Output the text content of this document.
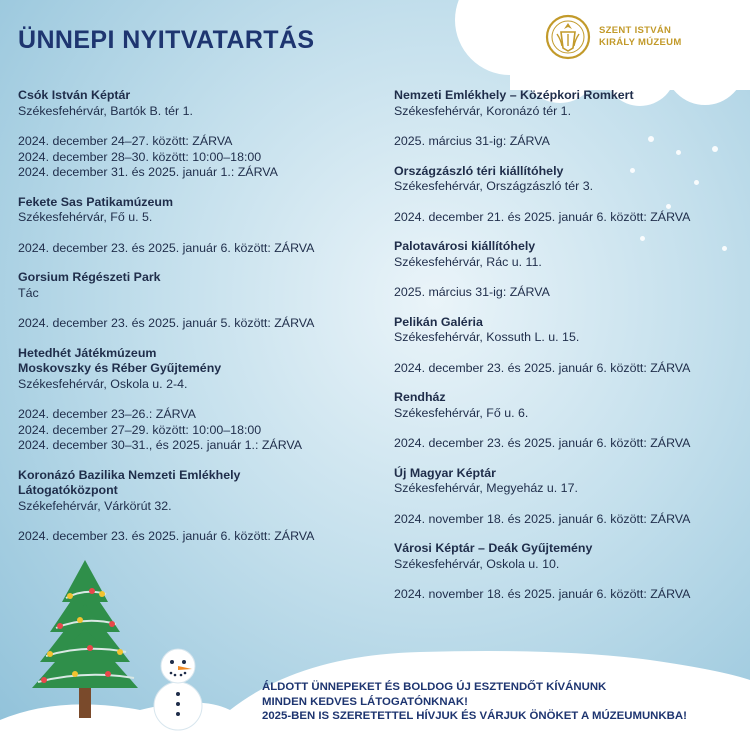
SZENT ISTVÁN
KIRÁLY MÚZEUM
ÜNNEPI NYITVATARTÁS
Csók István Képtár
Székesfehérvár, Bartók B. tér 1.
2024. december 24–27. között: ZÁRVA
2024. december 28–30. között: 10:00–18:00
2024. december 31. és 2025. január 1.: ZÁRVA
Fekete Sas Patikamúzeum
Székesfehérvár, Fő u. 5.
2024. december 23. és 2025. január 6. között: ZÁRVA
Gorsium Régészeti Park
Tác
2024. december 23. és 2025. január 5. között: ZÁRVA
Hetedhét Játékmúzeum
Moskovszky és Réber Gyűjtemény
Székesfehérvár, Oskola u. 2-4.
2024. december 23–26.: ZÁRVA
2024. december 27–29. között: 10:00–18:00
2024. december 30–31., és 2025. január 1.: ZÁRVA
Koronázó Bazilika Nemzeti Emlékhely
Látogatóközpont
Székefehérvár, Várkörút 32.
2024. december 23. és 2025. január 6. között: ZÁRVA
Nemzeti Emlékhely – Középkori Romkert
Székesfehérvár, Koronázó tér 1.
2025. március 31-ig: ZÁRVA
Országzászló téri kiállítóhely
Székesfehérvár, Országzászló tér 3.
2024. december 21. és 2025. január 6. között: ZÁRVA
Palotavárosi kiállítóhely
Székesfehérvár, Rác u. 11.
2025. március 31-ig: ZÁRVA
Pelikán Galéria
Székesfehérvár, Kossuth L. u. 15.
2024. december 23. és 2025. január 6. között: ZÁRVA
Rendház
Székesfehérvár, Fő u. 6.
2024. december 23. és 2025. január 6. között: ZÁRVA
Új Magyar Képtár
Székesfehérvár, Megyeház u. 17.
2024. november 18. és 2025. január 6. között: ZÁRVA
Városi Képtár – Deák Gyűjtemény
Székesfehérvár, Oskola u. 10.
2024. november 18. és 2025. január 6. között: ZÁRVA
ÁLDOTT ÜNNEPEKET ÉS BOLDOG ÚJ ESZTENDŐT KÍVÁNUNK
MINDEN KEDVES LÁTOGATÓNKNAK!
2025-BEN IS SZERETETTEL HÍVJUK ÉS VÁRJUK ÖNÖKET A MÚZEUMUNKBA!
